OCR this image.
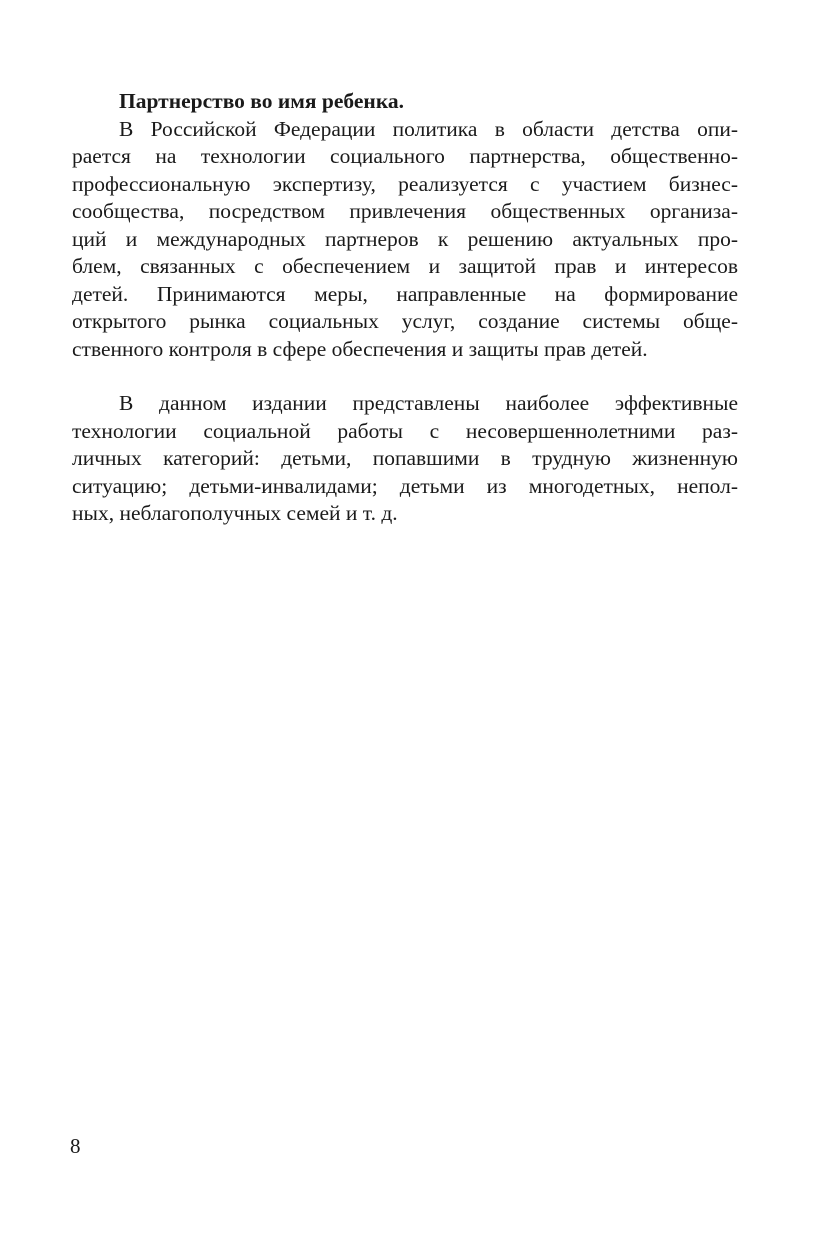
Партнерство во имя ребенка.
В Российской Федерации политика в области детства опи-
рается на технологии социального партнерства, общественно-
профессиональную экспертизу, реализуется с участием бизнес-
сообщества, посредством привлечения общественных организа-
ций и международных партнеров к решению актуальных про-
блем, связанных с обеспечением и защитой прав и интересов
детей. Принимаются меры, направленные на формирование
открытого рынка социальных услуг, создание системы обще-
ственного контроля в сфере обеспечения и защиты прав детей.
В данном издании представлены наиболее эффективные
технологии социальной работы с несовершеннолетними раз-
личных категорий: детьми, попавшими в трудную жизненную
ситуацию; детьми-инвалидами; детьми из многодетных, непол-
ных, неблагополучных семей и т. д.
8
